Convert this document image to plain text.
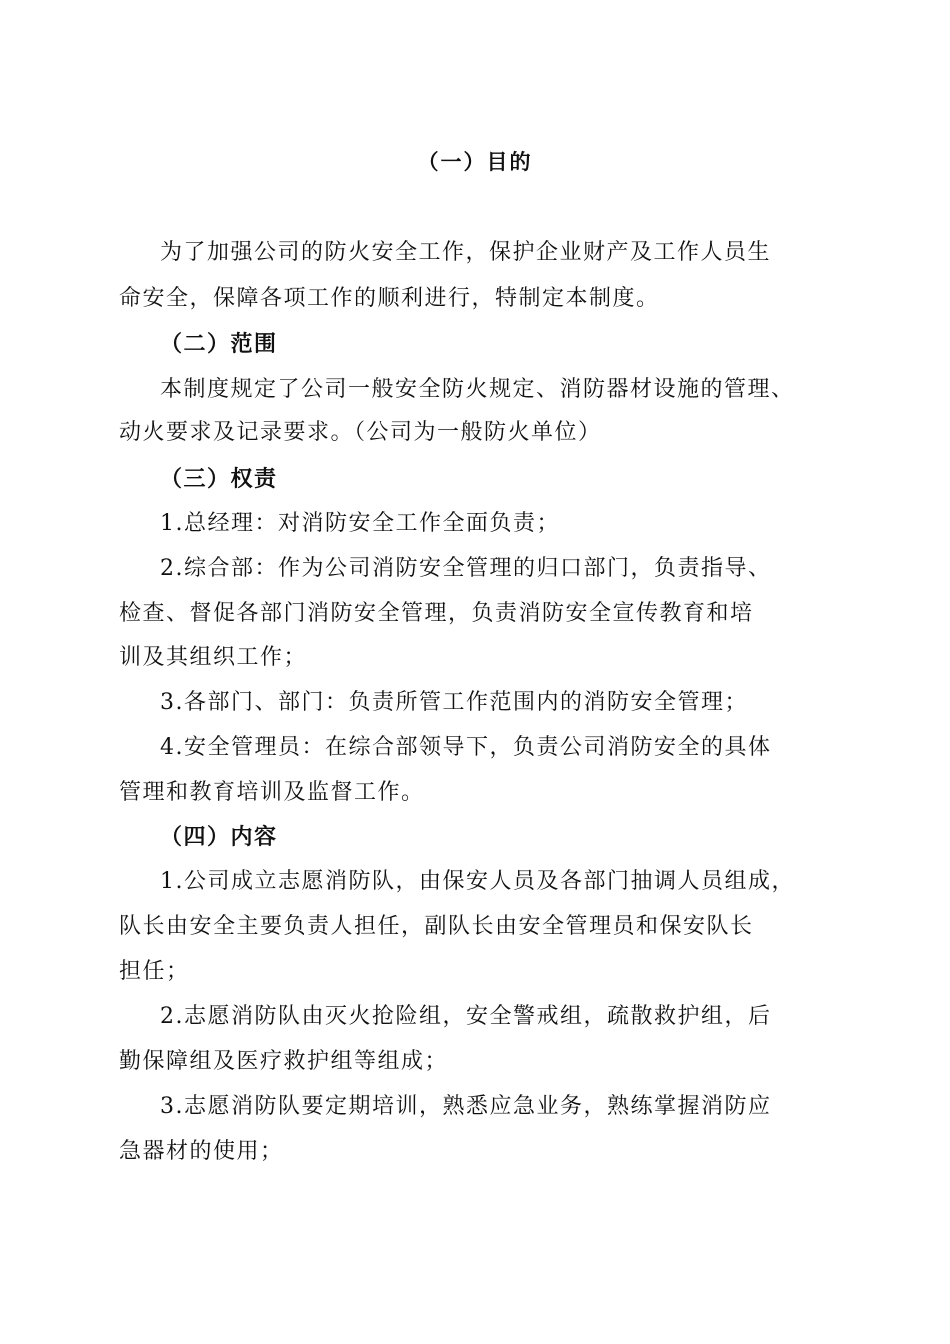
（一）目的
为了加强公司的防火安全工作，保护企业财产及工作人员生
命安全，保障各项工作的顺利进行，特制定本制度。
（二）范围
本制度规定了公司一般安全防火规定、消防器材设施的管理、
动火要求及记录要求。（公司为一般防火单位）
（三）权责
1.总经理：对消防安全工作全面负责；
2.综合部：作为公司消防安全管理的归口部门，负责指导、
检查、督促各部门消防安全管理，负责消防安全宣传教育和培
训及其组织工作；
3.各部门、部门：负责所管工作范围内的消防安全管理；
4.安全管理员：在综合部领导下，负责公司消防安全的具体
管理和教育培训及监督工作。
（四）内容
1.公司成立志愿消防队，由保安人员及各部门抽调人员组成，
队长由安全主要负责人担任，副队长由安全管理员和保安队长
担任；
2.志愿消防队由灭火抢险组，安全警戒组，疏散救护组，后
勤保障组及医疗救护组等组成；
3.志愿消防队要定期培训，熟悉应急业务，熟练掌握消防应
急器材的使用；
